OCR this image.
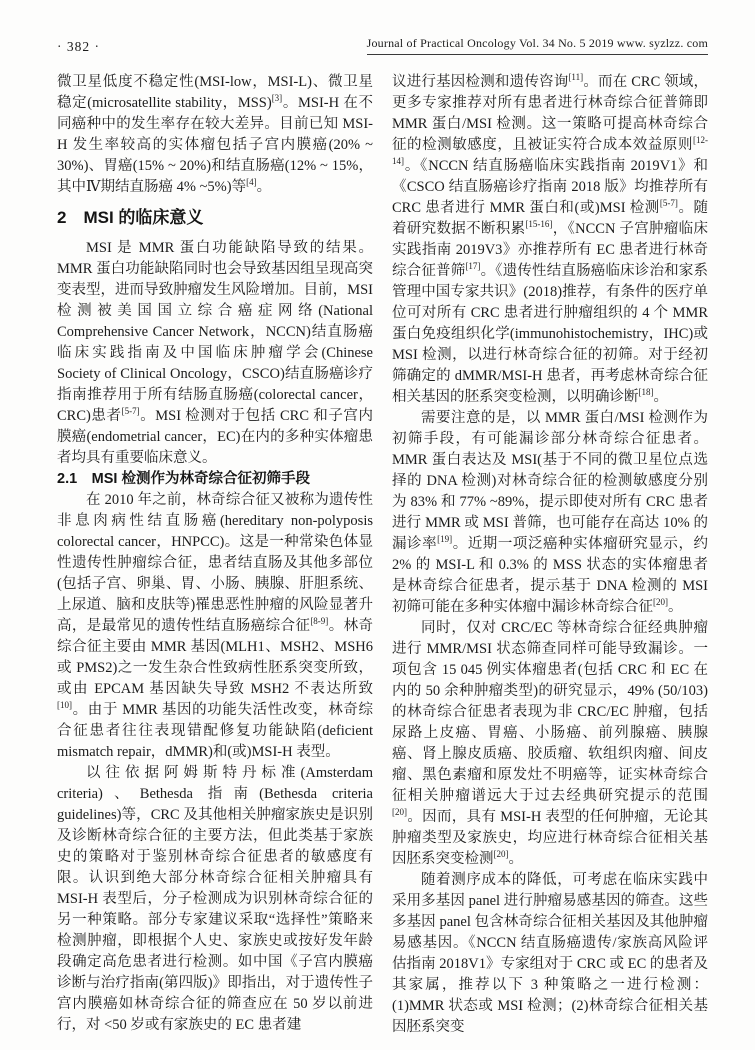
· 382 ·	Journal of Practical Oncology Vol. 34 No. 5 2019 www. syzlzz. com

微卫星低度不稳定性(MSI-low，MSI-L)、微卫星稳定(microsatellite stability，MSS)[3]。MSI-H 在不同癌种中的发生率存在较大差异。目前已知 MSI-H 发生率较高的实体瘤包括子宫内膜癌(20% ~ 30%)、胃癌(15% ~ 20%)和结直肠癌(12% ~ 15%，其中Ⅳ期结直肠癌 4% ~5%)等[4]。

2　MSI 的临床意义

MSI 是 MMR 蛋白功能缺陷导致的结果。MMR 蛋白功能缺陷同时也会导致基因组呈现高突变表型，进而导致肿瘤发生风险增加。目前，MSI 检测被美国国立综合癌症网络(National Comprehensive Cancer Network，NCCN)结直肠癌临床实践指南及中国临床肿瘤学会(Chinese Society of Clinical Oncology，CSCO)结直肠癌诊疗指南推荐用于所有结肠直肠癌(colorectal cancer，CRC)患者[5-7]。MSI 检测对于包括 CRC 和子宫内膜癌(endometrial cancer，EC)在内的多种实体瘤患者均具有重要临床意义。

2.1　MSI 检测作为林奇综合征初筛手段

在 2010 年之前，林奇综合征又被称为遗传性非息肉病性结直肠癌(hereditary non-polyposis colorectal cancer，HNPCC)。这是一种常染色体显性遗传性肿瘤综合征，患者结直肠及其他多部位(包括子宫、卵巢、胃、小肠、胰腺、肝胆系统、上尿道、脑和皮肤等)罹患恶性肿瘤的风险显著升高，是最常见的遗传性结直肠癌综合征[8-9]。林奇综合征主要由 MMR 基因(MLH1、MSH2、MSH6 或 PMS2)之一发生杂合性致病性胚系突变所致，或由 EPCAM 基因缺失导致 MSH2 不表达所致[10]。由于 MMR 基因的功能失活性改变，林奇综合征患者往往表现错配修复功能缺陷(deficient mismatch repair，dMMR)和(或)MSI-H 表型。

以往依据阿姆斯特丹标准(Amsterdam criteria)、Bethesda 指南(Bethesda criteria guidelines)等，CRC 及其他相关肿瘤家族史是识别及诊断林奇综合征的主要方法，但此类基于家族史的策略对于鉴别林奇综合征患者的敏感度有限。认识到绝大部分林奇综合征相关肿瘤具有 MSI-H 表型后，分子检测成为识别林奇综合征的另一种策略。部分专家建议采取“选择性”策略来检测肿瘤，即根据个人史、家族史或按好发年龄段确定高危患者进行检测。如中国《子宫内膜癌诊断与治疗指南(第四版)》即指出，对于遗传性子宫内膜癌如林奇综合征的筛查应在 50 岁以前进行，对 <50 岁或有家族史的 EC 患者建

议进行基因检测和遗传咨询[11]。而在 CRC 领域，更多专家推荐对所有患者进行林奇综合征普筛即 MMR 蛋白/MSI 检测。这一策略可提高林奇综合征的检测敏感度，且被证实符合成本效益原则[12-14]。《NCCN 结直肠癌临床实践指南 2019V1》和《CSCO 结直肠癌诊疗指南 2018 版》均推荐所有 CRC 患者进行 MMR 蛋白和(或)MSI 检测[5-7]。随着研究数据不断积累[15-16]，《NCCN 子宫肿瘤临床实践指南 2019V3》亦推荐所有 EC 患者进行林奇综合征普筛[17]。《遗传性结直肠癌临床诊治和家系管理中国专家共识》(2018)推荐，有条件的医疗单位可对所有 CRC 患者进行肿瘤组织的 4 个 MMR 蛋白免疫组织化学(immunohistochemistry，IHC)或 MSI 检测，以进行林奇综合征的初筛。对于经初筛确定的 dMMR/MSI-H 患者，再考虑林奇综合征相关基因的胚系突变检测，以明确诊断[18]。

需要注意的是，以 MMR 蛋白/MSI 检测作为初筛手段，有可能漏诊部分林奇综合征患者。MMR 蛋白表达及 MSI(基于不同的微卫星位点选择的 DNA 检测)对林奇综合征的检测敏感度分别为 83% 和 77% ~89%，提示即使对所有 CRC 患者进行 MMR 或 MSI 普筛，也可能存在高达 10% 的漏诊率[19]。近期一项泛癌种实体瘤研究显示，约 2% 的 MSI-L 和 0.3% 的 MSS 状态的实体瘤患者是林奇综合征患者，提示基于 DNA 检测的 MSI 初筛可能在多种实体瘤中漏诊林奇综合征[20]。

同时，仅对 CRC/EC 等林奇综合征经典肿瘤进行 MMR/MSI 状态筛查同样可能导致漏诊。一项包含 15 045 例实体瘤患者(包括 CRC 和 EC 在内的 50 余种肿瘤类型)的研究显示，49% (50/103)的林奇综合征患者表现为非 CRC/EC 肿瘤，包括尿路上皮癌、胃癌、小肠癌、前列腺癌、胰腺癌、肾上腺皮质癌、胶质瘤、软组织肉瘤、间皮瘤、黑色素瘤和原发灶不明癌等，证实林奇综合征相关肿瘤谱远大于过去经典研究提示的范围[20]。因而，具有 MSI-H 表型的任何肿瘤，无论其肿瘤类型及家族史，均应进行林奇综合征相关基因胚系突变检测[20]。

随着测序成本的降低，可考虑在临床实践中采用多基因 panel 进行肿瘤易感基因的筛查。这些多基因 panel 包含林奇综合征相关基因及其他肿瘤易感基因。《NCCN 结直肠癌遗传/家族高风险评估指南 2018V1》专家组对于 CRC 或 EC 的患者及其家属，推荐以下 3 种策略之一进行检测：(1)MMR 状态或 MSI 检测；(2)林奇综合征相关基因胚系突变
